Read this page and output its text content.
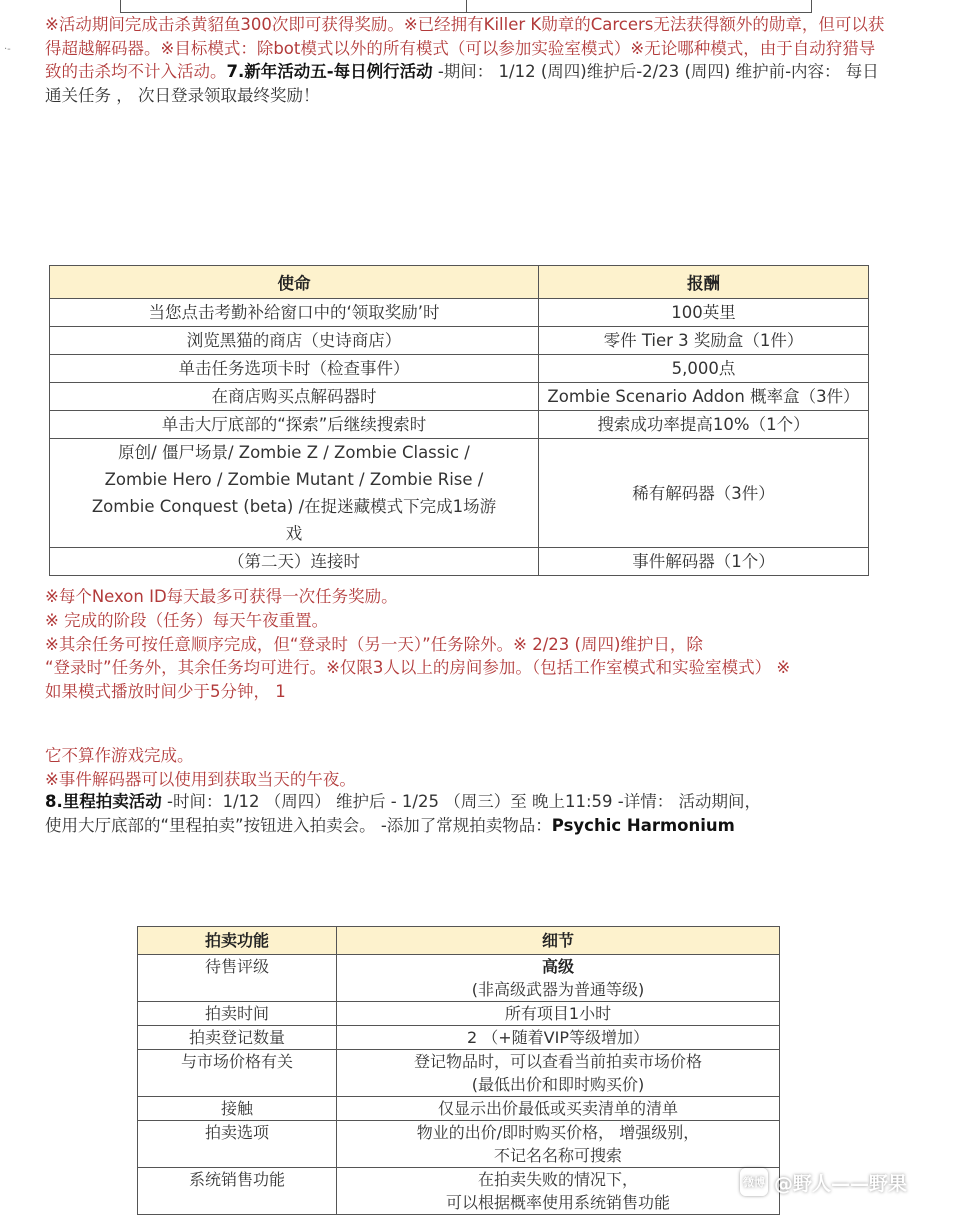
·-
※活动期间完成击杀黄貂鱼300次即可获得奖励。※已经拥有Killer K勋章的Carcers无法获得额外的勋章，但可以获得超越解码器。※目标模式：除bot模式以外的所有模式（可以参加实验室模式）※无论哪种模式，由于自动狩猎导致的击杀均不计入活动。7.新年活动五-每日例行活动 -期间： 1/12 (周四)维护后-2/23 (周四) 维护前-内容： 每日通关任务 ， 次日登录领取最终奖励！
使命	报酬
当您点击考勤补给窗口中的‘领取奖励’时	100英里
浏览黑猫的商店（史诗商店）	零件 Tier 3 奖励盒（1件）
单击任务选项卡时（检查事件）	5,000点
在商店购买点解码器时	Zombie Scenario Addon 概率盒（3件）
单击大厅底部的“探索”后继续搜索时	搜索成功率提高10%（1个）
原创/ 僵尸场景/ Zombie Z / Zombie Classic / Zombie Hero / Zombie Mutant / Zombie Rise / Zombie Conquest (beta) /在捉迷藏模式下完成1场游戏	稀有解码器（3件）
（第二天）连接时	事件解码器（1个）
※每个Nexon ID每天最多可获得一次任务奖励。
※ 完成的阶段（任务）每天午夜重置。
※其余任务可按任意顺序完成，但“登录时（另一天）”任务除外。※ 2/23 (周四)维护日，除
“登录时”任务外，其余任务均可进行。※仅限3人以上的房间参加。（包括工作室模式和实验室模式） ※
如果模式播放时间少于5分钟， 1
它不算作游戏完成。
※事件解码器可以使用到获取当天的午夜。
8.里程拍卖活动 -时间：1/12 （周四） 维护后 - 1/25 （周三）至 晚上11:59 -详情： 活动期间，
使用大厅底部的“里程拍卖”按钮进入拍卖会。 -添加了常规拍卖物品：Psychic Harmonium
拍卖功能	细节
待售评级	高级
(非高级武器为普通等级)

拍卖时间	所有项目1小时

拍卖登记数量	2 （+随着VIP等级增加）

与市场价格有关	登记物品时，可以查看当前拍卖市场价格
(最低出价和即时购买价)

接触	仅显示出价最低或买卖清单的清单

拍卖选项	物业的出价/即时购买价格， 增强级别，
不记名名称可搜索

系统销售功能	在拍卖失败的情况下，
可以根据概率使用系统销售功能
微博 @野人——野果
